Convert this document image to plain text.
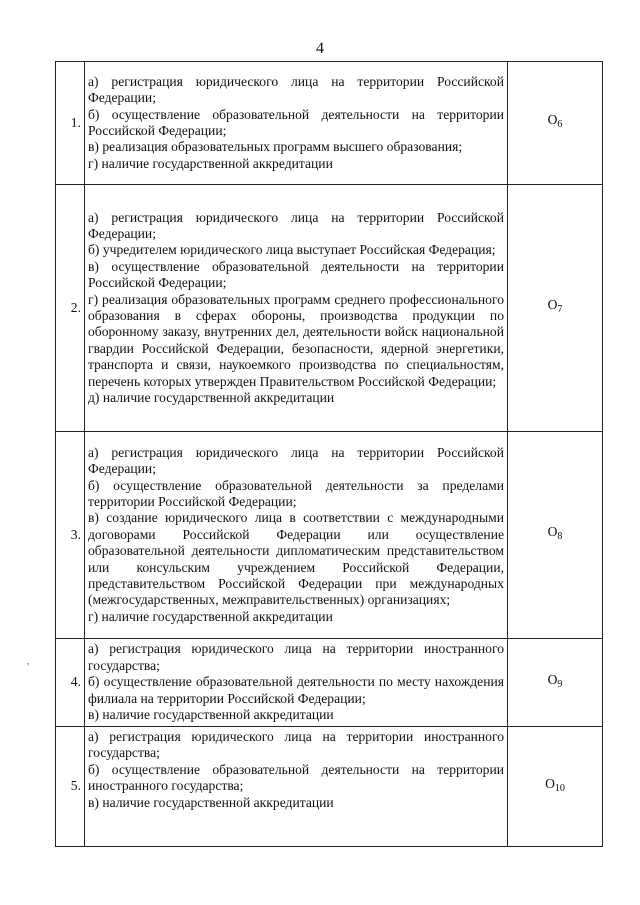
4
,
1.	а) регистрация юридического лица на территории Российской Федерации;
б) осуществление образовательной деятельности на территории Российской Федерации;
в) реализация образовательных программ высшего образования;
г) наличие государственной аккредитации	$О_6$
2.	а) регистрация юридического лица на территории Российской Федерации;
б) учредителем юридического лица выступает Российская Федерация;
в) осуществление образовательной деятельности на территории Российской Федерации;
г) реализация образовательных программ среднего профессионального образования в сферах обороны, производства продукции по оборонному заказу, внутренних дел, деятельности войск национальной гвардии Российской Федерации, безопасности, ядерной энергетики, транспорта и связи, наукоемкого производства по специальностям, перечень которых утвержден Правительством Российской Федерации;
д) наличие государственной аккредитации	$О_7$
3.	а) регистрация юридического лица на территории Российской Федерации;
б) осуществление образовательной деятельности за пределами территории Российской Федерации;
в) создание юридического лица в соответствии с международными договорами Российской Федерации или осуществление образовательной деятельности дипломатическим представительством или консульским учреждением Российской Федерации, представительством Российской Федерации при международных (межгосударственных, межправительственных) организациях;
г) наличие государственной аккредитации	$О_8$
4.	а) регистрация юридического лица на территории иностранного государства;
б) осуществление образовательной деятельности по месту нахождения филиала на территории Российской Федерации;
в) наличие государственной аккредитации	$О_9$
5.	а) регистрация юридического лица на территории иностранного государства;
б) осуществление образовательной деятельности на территории иностранного государства;
в) наличие государственной аккредитации	$О_{10}$
